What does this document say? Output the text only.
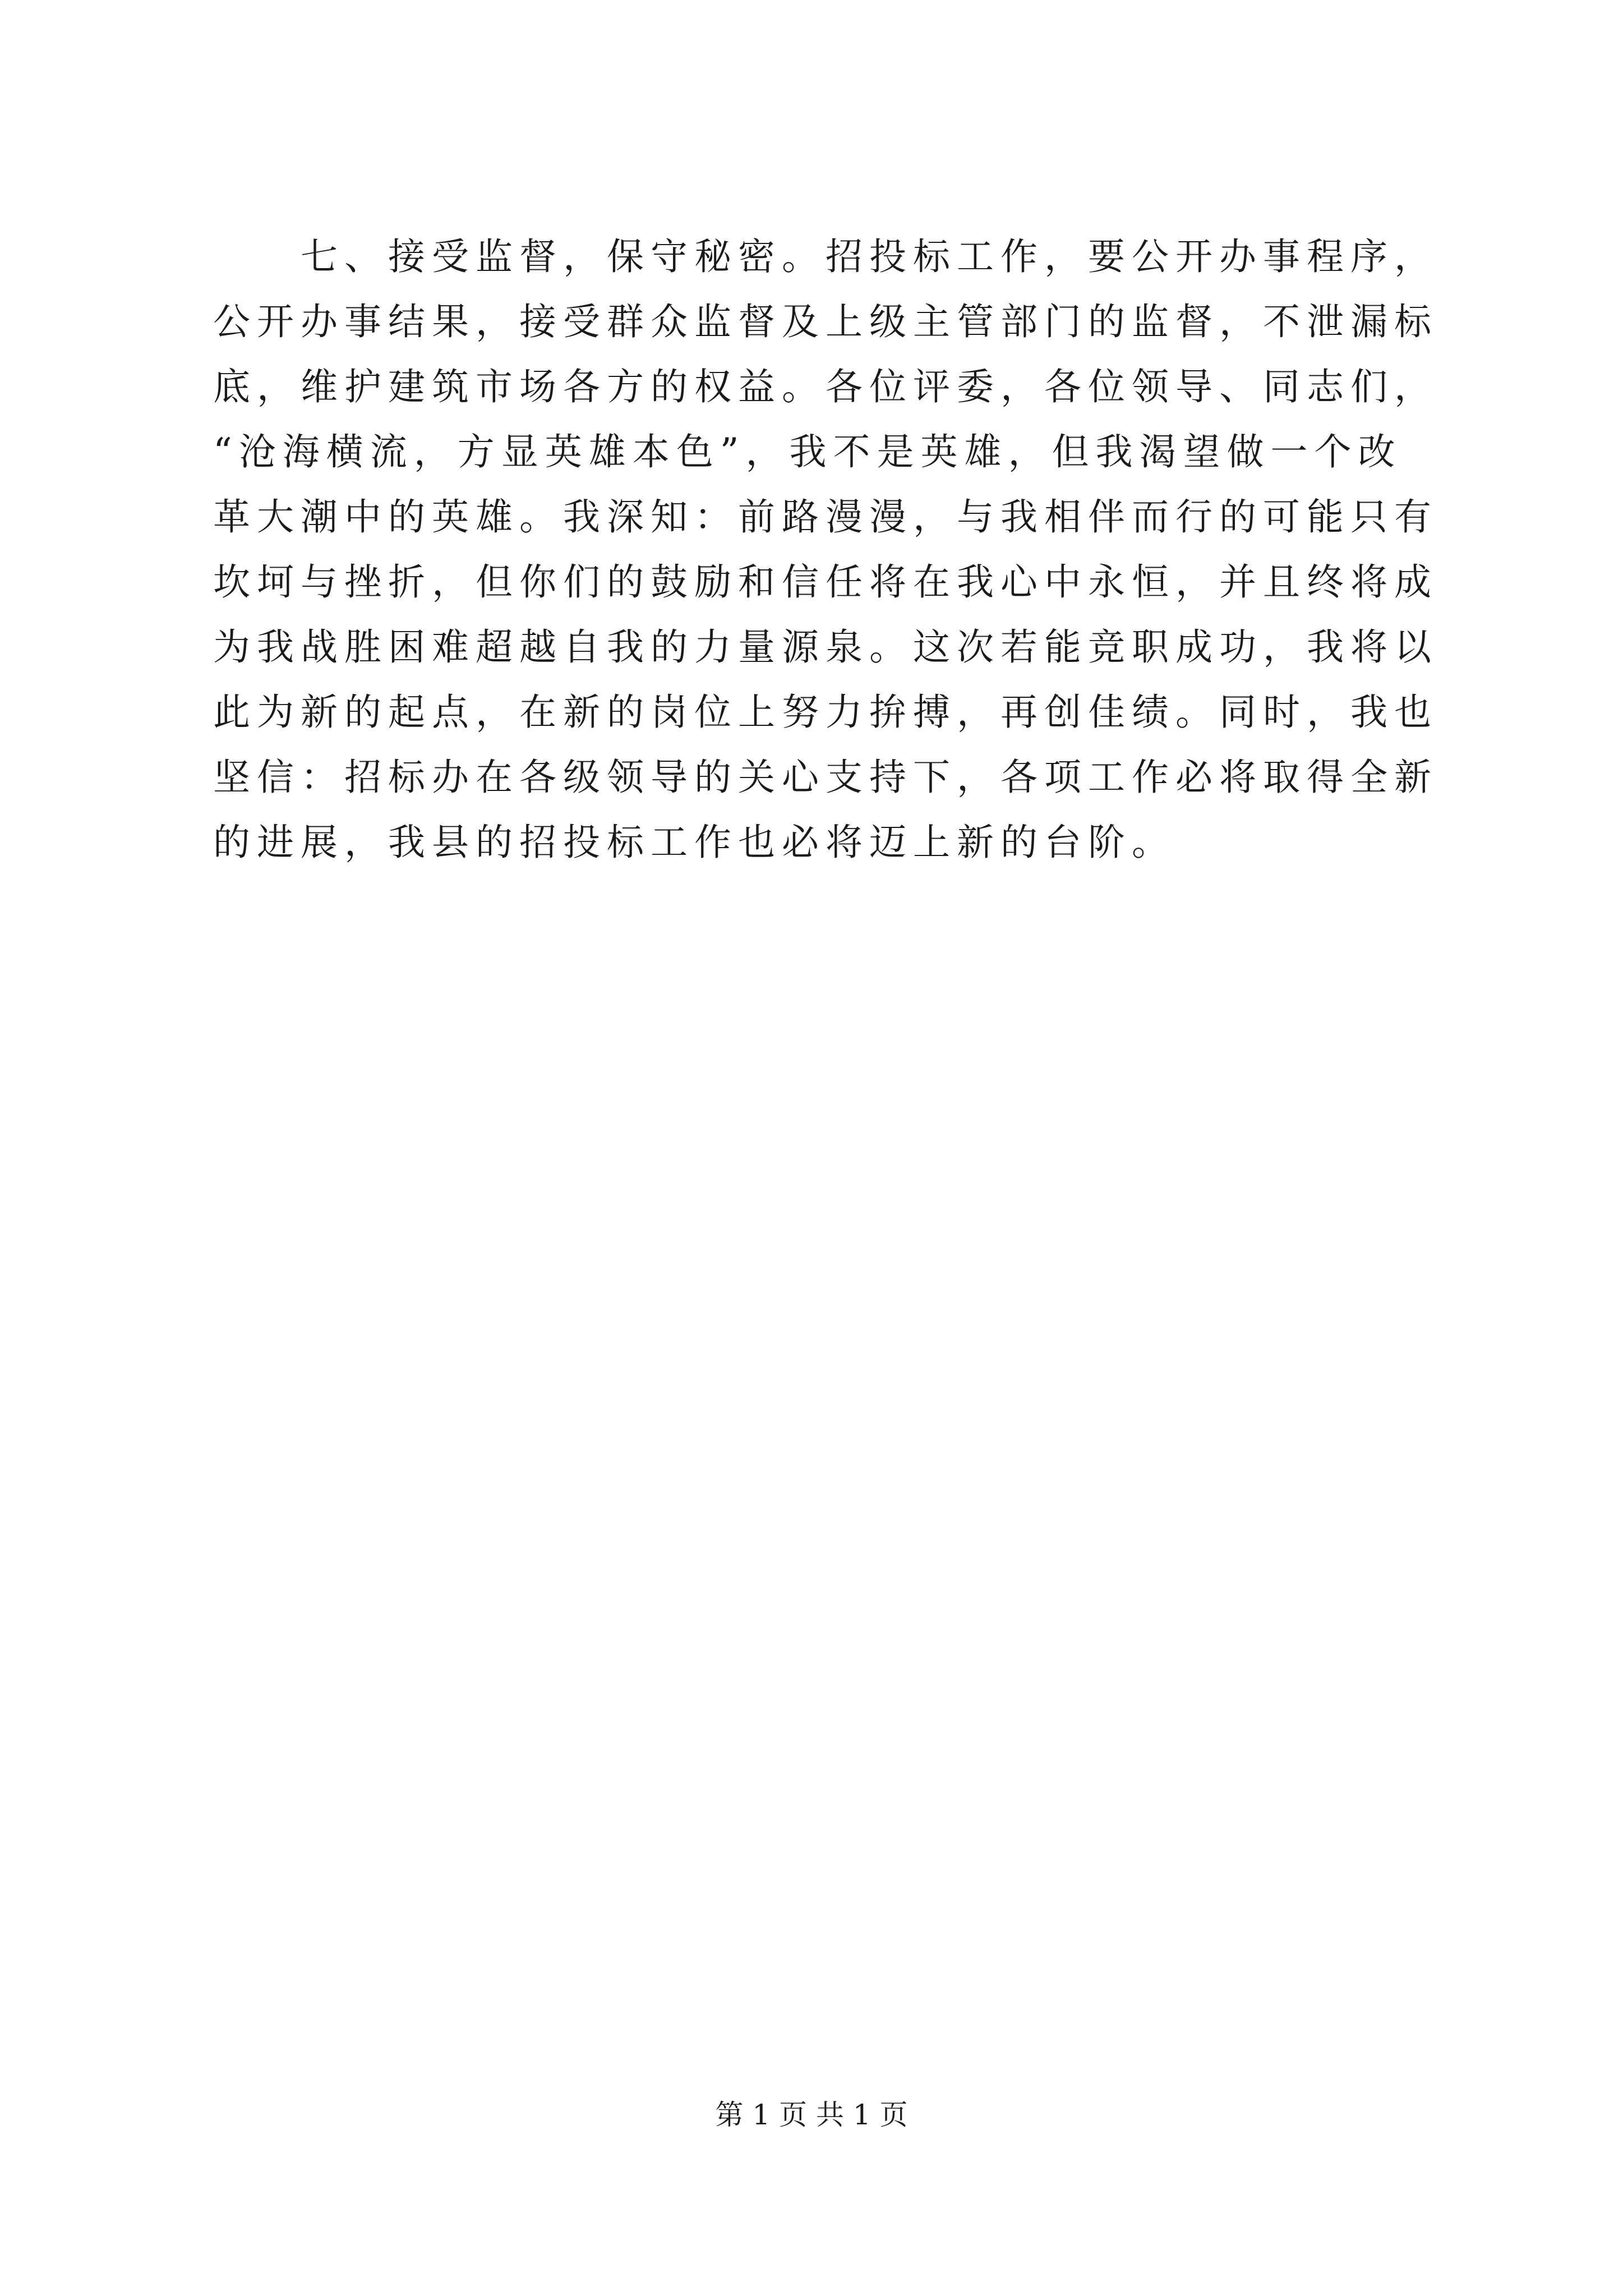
　　七、接受监督，保守秘密。招投标工作，要公开办事程序，
公开办事结果，接受群众监督及上级主管部门的监督，不泄漏标
底，维护建筑市场各方的权益。各位评委，各位领导、同志们，
“沧海横流，方显英雄本色”，我不是英雄，但我渴望做一个改
革大潮中的英雄。我深知：前路漫漫，与我相伴而行的可能只有
坎坷与挫折，但你们的鼓励和信任将在我心中永恒，并且终将成
为我战胜困难超越自我的力量源泉。这次若能竞职成功，我将以
此为新的起点，在新的岗位上努力拚搏，再创佳绩。同时，我也
坚信：招标办在各级领导的关心支持下，各项工作必将取得全新
的进展，我县的招投标工作也必将迈上新的台阶。
第 1 页 共 1 页
